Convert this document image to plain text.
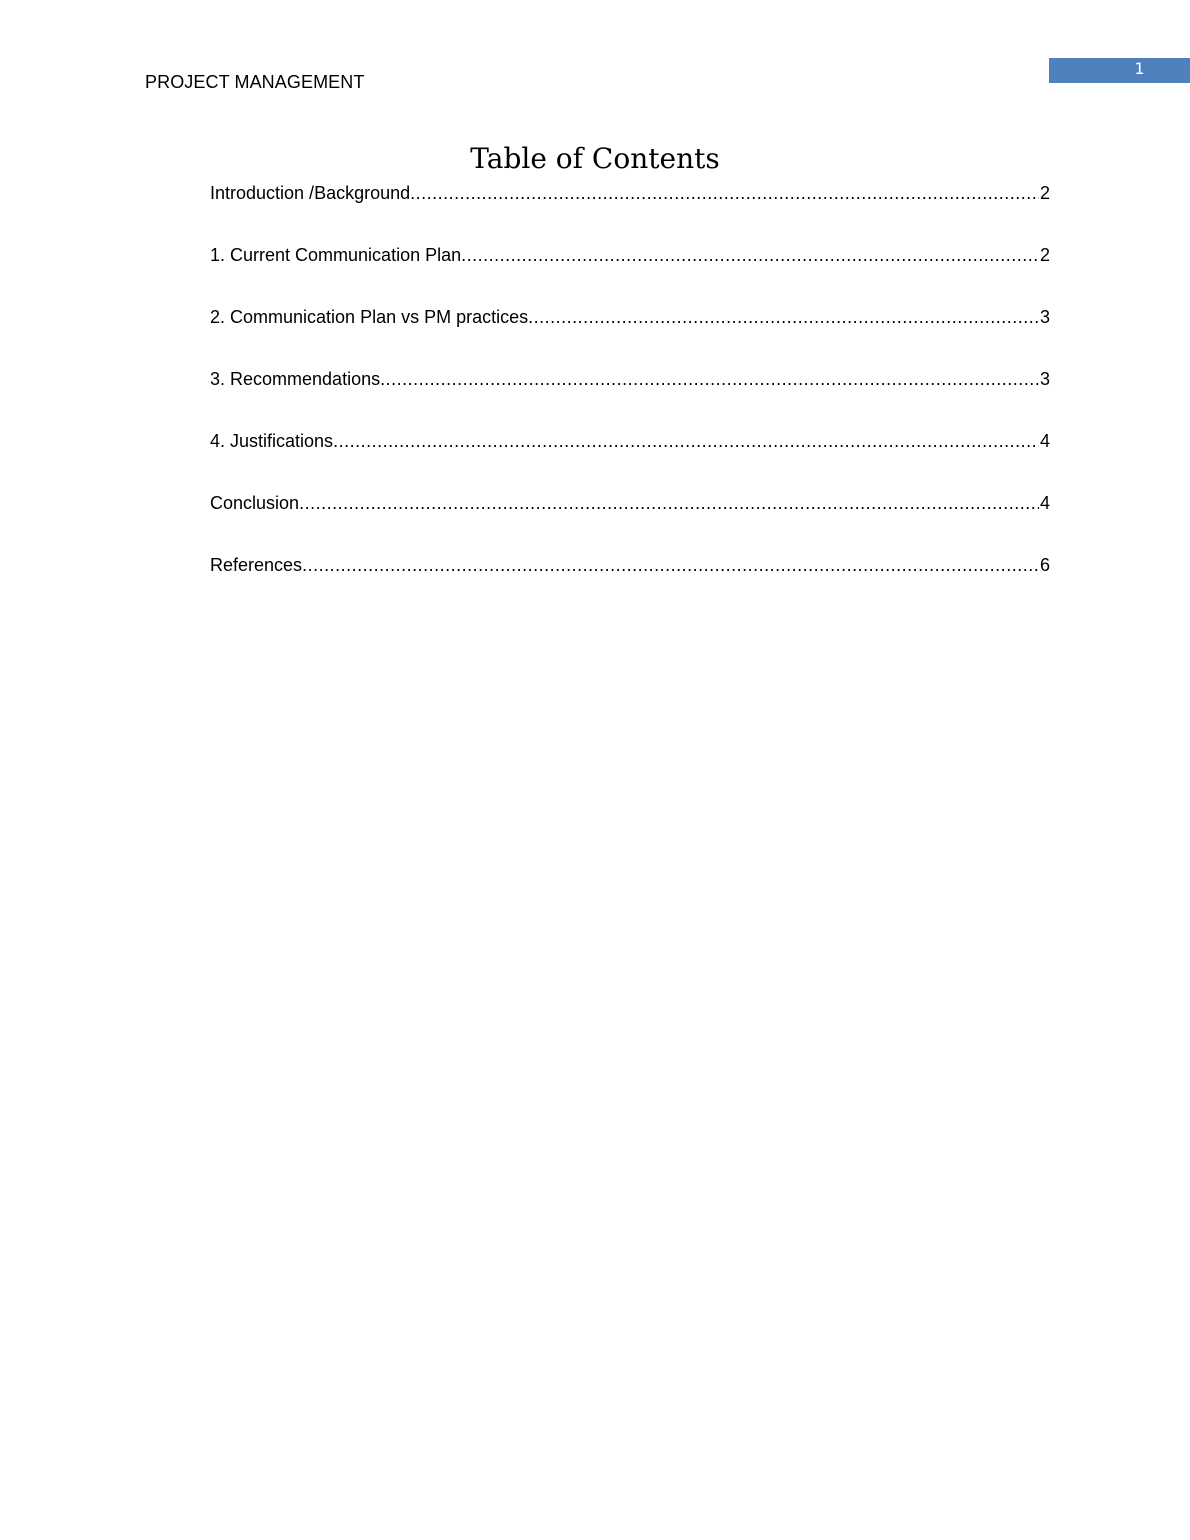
PROJECT MANAGEMENT
1
Table of Contents
Introduction /Background .....	2
1. Current Communication Plan .....	2
2. Communication Plan vs PM practices .....	3
3. Recommendations .....	3
4. Justifications .....	4
Conclusion .....	4
References .....	6
